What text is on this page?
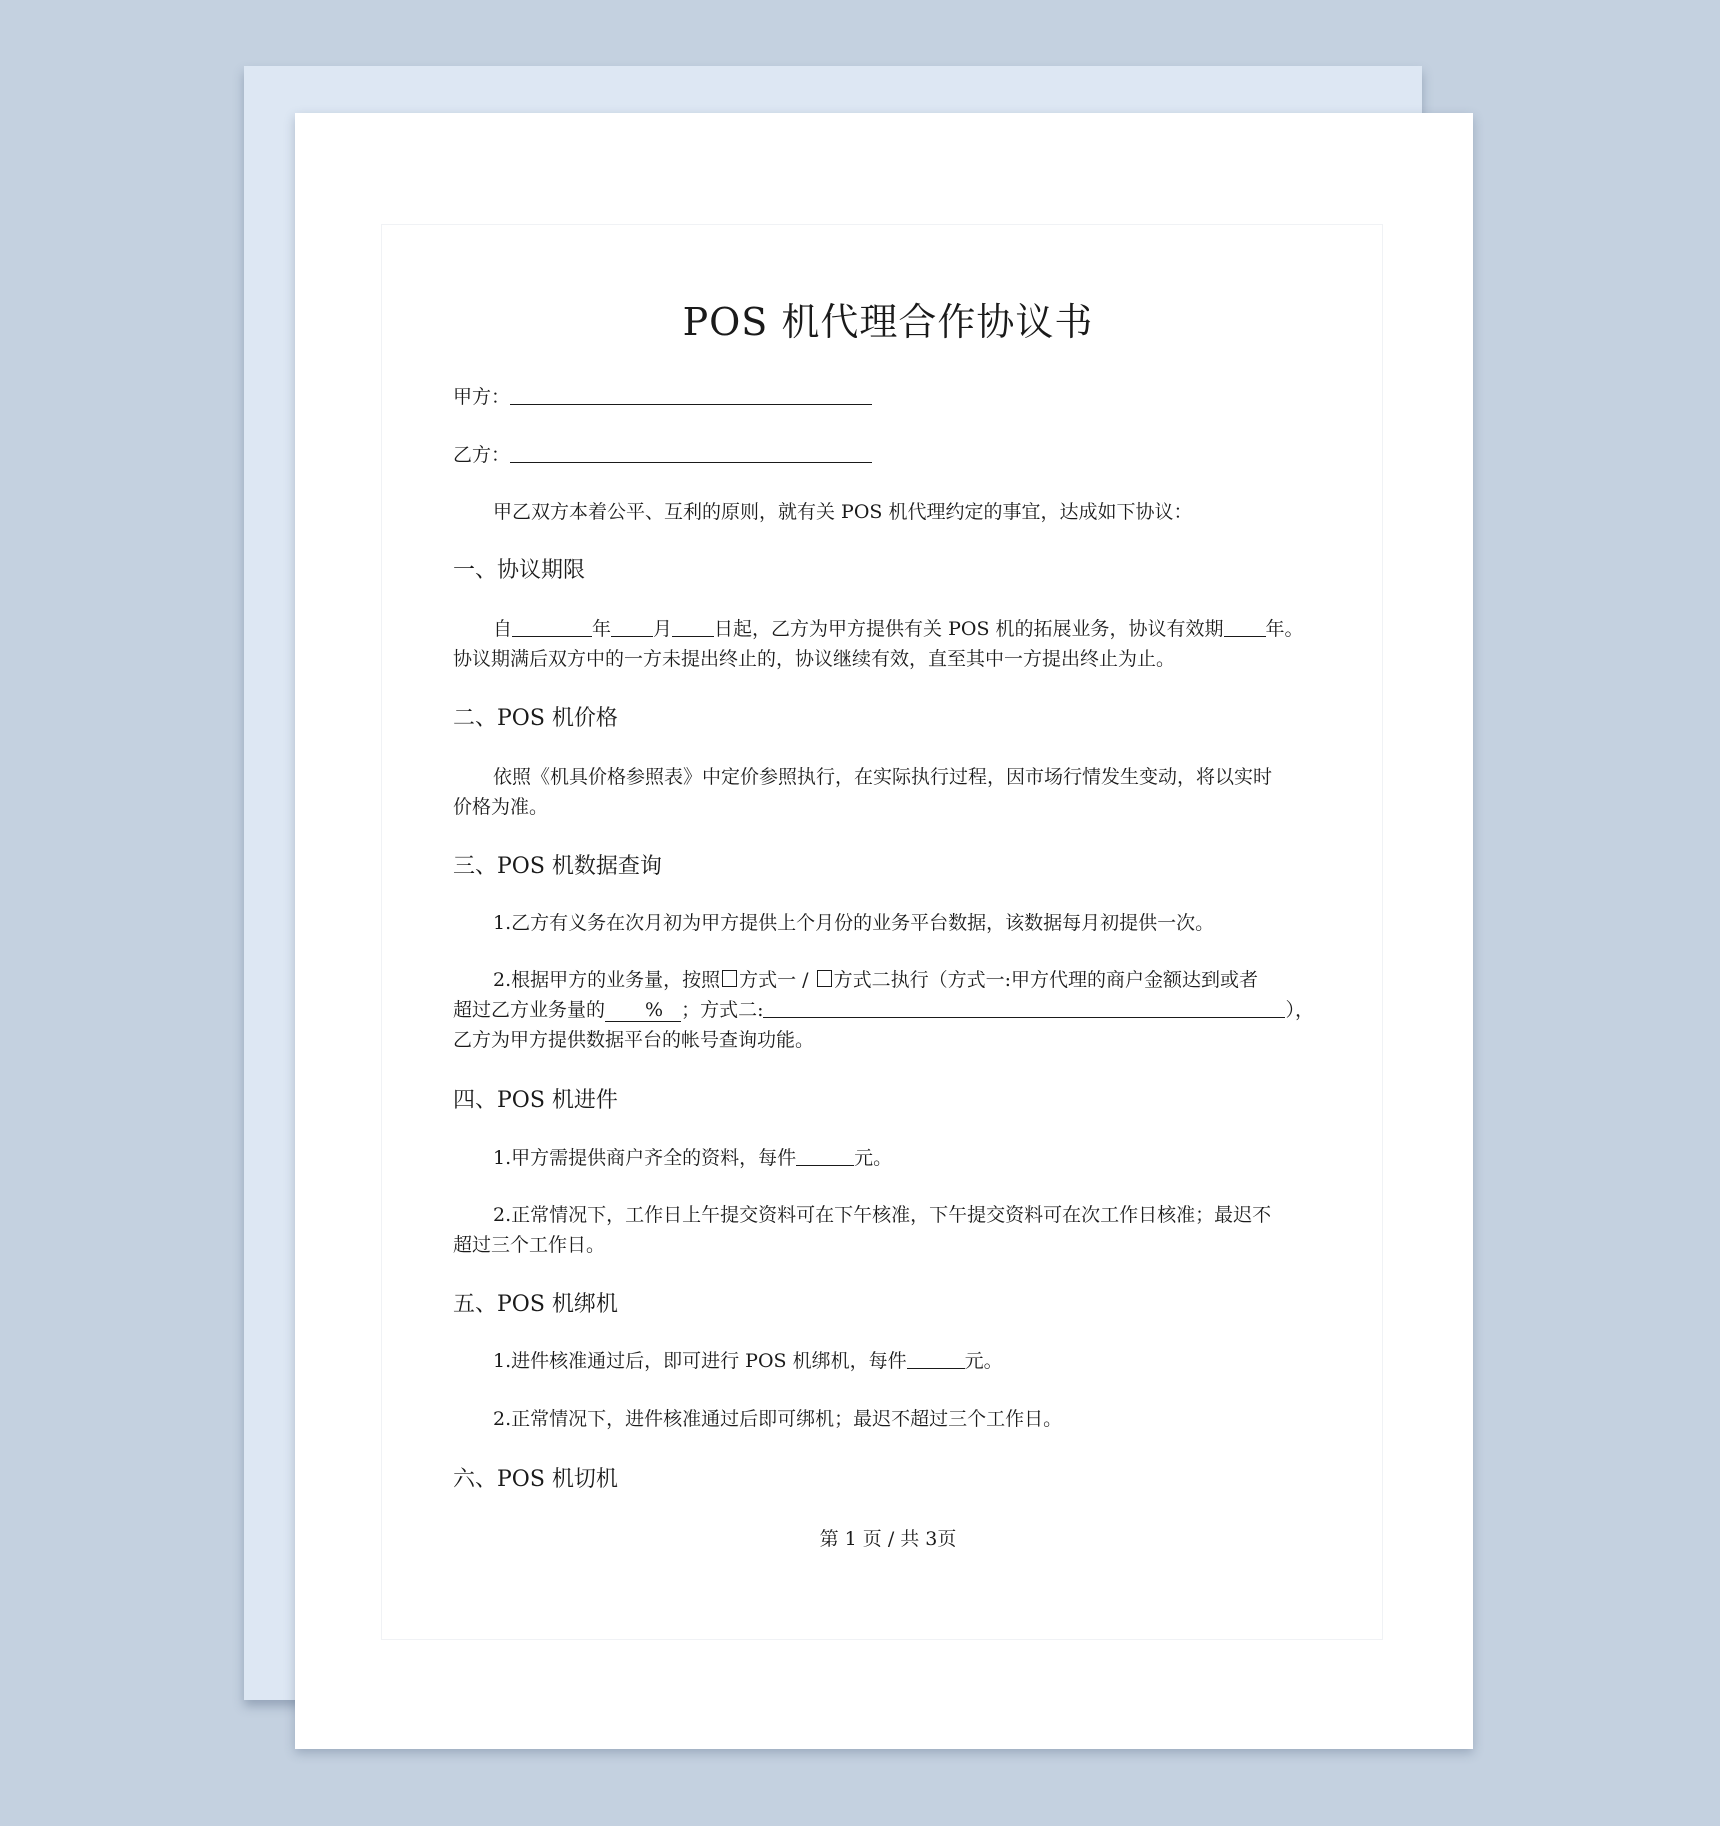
POS 机代理合作协议书
甲方：
乙方：
甲乙双方本着公平、互利的原则，就有关 POS 机代理约定的事宜，达成如下协议：
一、协议期限
自	年 月 日起，乙方为甲方提供有关 POS 机的拓展业务，协议有效期 年。
协议期满后双方中的一方未提出终止的，协议继续有效，直至其中一方提出终止为止。
二、POS 机价格
依照《机具价格参照表》中定价参照执行，在实际执行过程，因市场行情发生变动，将以实时
价格为准。
三、POS 机数据查询
1.乙方有义务在次月初为甲方提供上个月份的业务平台数据，该数据每月初提供一次。
2.根据甲方的业务量，按照 方式一 / 方式二执行（方式一:甲方代理的商户金额达到或者
超过乙方业务量的 % ；方式二:	），
乙方为甲方提供数据平台的帐号查询功能。
四、POS 机进件
1.甲方需提供商户齐全的资料，每件	元。
2.正常情况下，工作日上午提交资料可在下午核准，下午提交资料可在次工作日核准；最迟不
超过三个工作日。
五、POS 机绑机
1.进件核准通过后，即可进行 POS 机绑机，每件	元。
2.正常情况下，进件核准通过后即可绑机；最迟不超过三个工作日。
六、POS 机切机
第 1 页 / 共 3页
